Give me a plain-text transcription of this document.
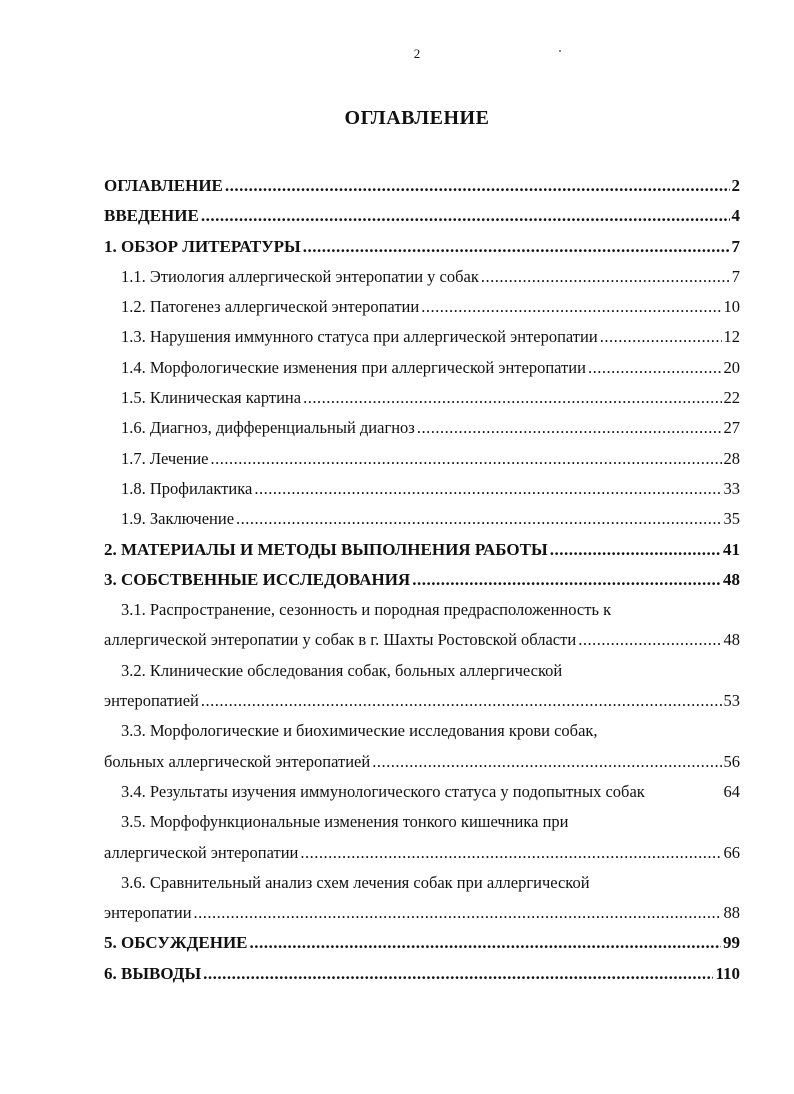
2
ОГЛАВЛЕНИЕ
ОГЛАВЛЕНИЕ .....	2
ВВЕДЕНИЕ .....	4
1. ОБЗОР ЛИТЕРАТУРЫ .....	7
1.1. Этиология аллергической энтеропатии у собак .....	7
1.2. Патогенез аллергической энтеропатии .....	10
1.3. Нарушения иммунного статуса при аллергической энтеропатии .....	12
1.4. Морфологические изменения при аллергической энтеропатии .....	20
1.5. Клиническая картина .....	22
1.6. Диагноз, дифференциальный диагноз .....	27
1.7. Лечение .....	28
1.8. Профилактика .....	33
1.9. Заключение .....	35
2. МАТЕРИАЛЫ И МЕТОДЫ ВЫПОЛНЕНИЯ РАБОТЫ .....	41
3. СОБСТВЕННЫЕ ИССЛЕДОВАНИЯ .....	48
3.1. Распространение, сезонность и породная предрасположенность к
аллергической энтеропатии у собак в г. Шахты Ростовской области .....	48
3.2. Клинические обследования собак, больных аллергической
энтеропатией .....	53
3.3. Морфологические и биохимические исследования крови собак,
больных аллергической энтеропатией .....	56
3.4. Результаты изучения иммунологического статуса у подопытных собак	64
3.5. Морфофункциональные изменения тонкого кишечника при
аллергической энтеропатии .....	66
3.6. Сравнительный анализ схем лечения собак при аллергической
энтеропатии .....	88
5. ОБСУЖДЕНИЕ .....	99
6. ВЫВОДЫ .....	110
